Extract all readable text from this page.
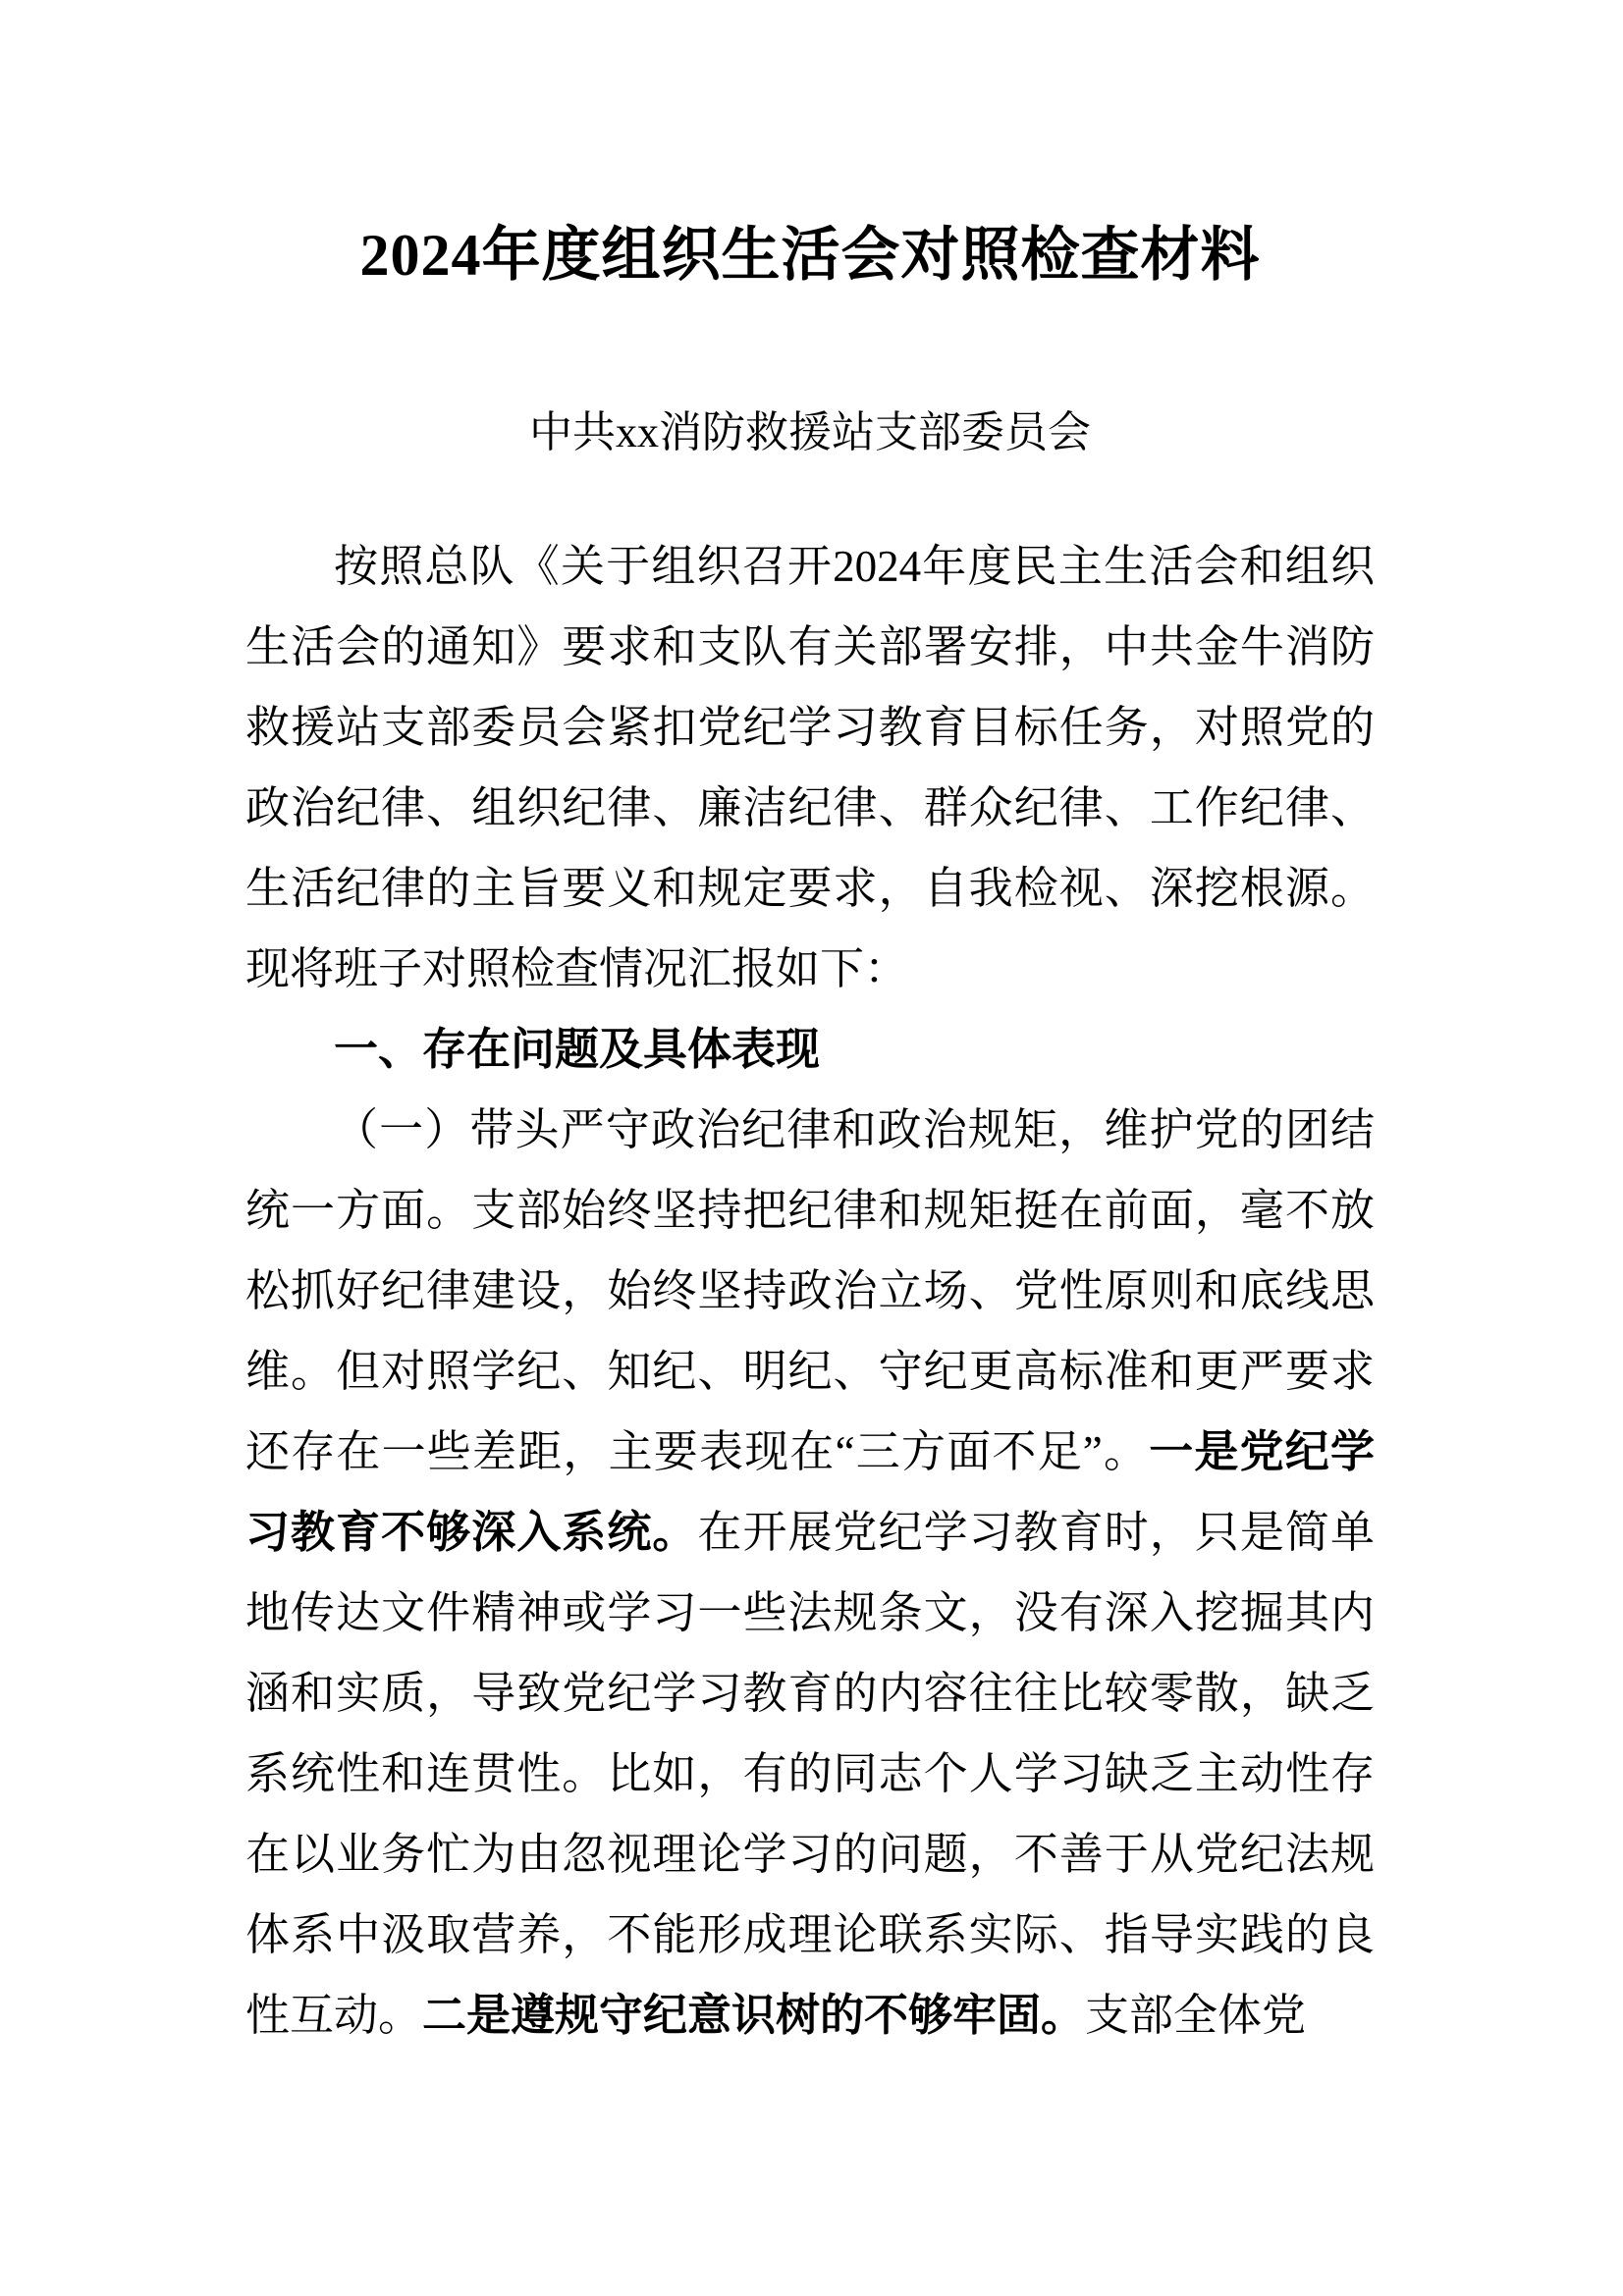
2024年度组织生活会对照检查材料
中共xx消防救援站支部委员会

按照总队《关于组织召开2024年度民主生活会和组织生活会的通知》要求和支队有关部署安排，中共金牛消防救援站支部委员会紧扣党纪学习教育目标任务，对照党的政治纪律、组织纪律、廉洁纪律、群众纪律、工作纪律、生活纪律的主旨要义和规定要求，自我检视、深挖根源。现将班子对照检查情况汇报如下：

一、存在问题及具体表现

（一）带头严守政治纪律和政治规矩，维护党的团结统一方面。支部始终坚持把纪律和规矩挺在前面，毫不放松抓好纪律建设，始终坚持政治立场、党性原则和底线思维。但对照学纪、知纪、明纪、守纪更高标准和更严要求还存在一些差距，主要表现在“三方面不足”。一是党纪学习教育不够深入系统。在开展党纪学习教育时，只是简单地传达文件精神或学习一些法规条文，没有深入挖掘其内涵和实质，导致党纪学习教育的内容往往比较零散，缺乏系统性和连贯性。比如，有的同志个人学习缺乏主动性存在以业务忙为由忽视理论学习的问题，不善于从党纪法规体系中汲取营养，不能形成理论联系实际、指导实践的良性互动。二是遵规守纪意识树的不够牢固。支部全体党
